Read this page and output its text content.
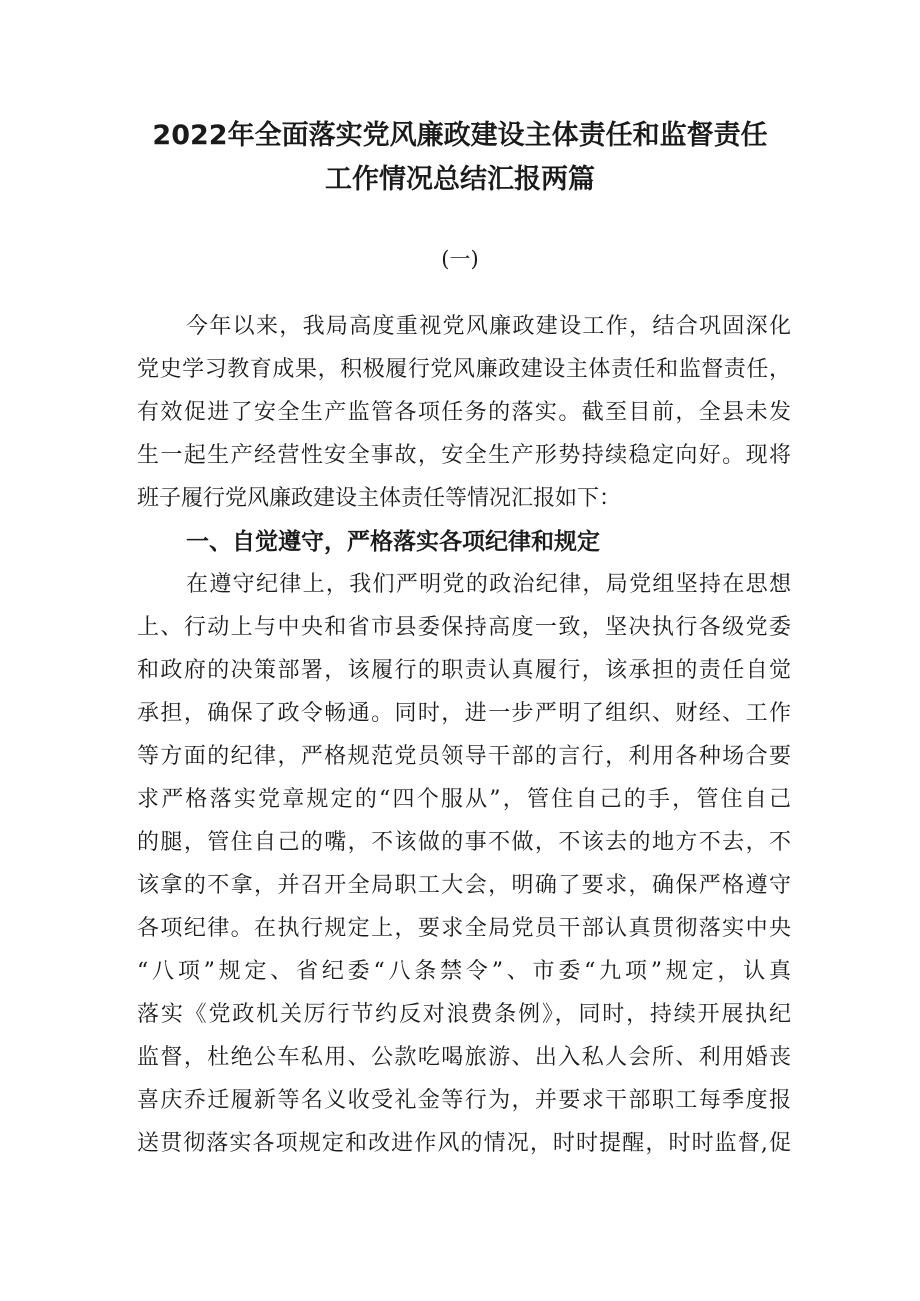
2022年全面落实党风廉政建设主体责任和监督责任
工作情况总结汇报两篇
(一)
今年以来，我局高度重视党风廉政建设工作，结合巩固深化
党史学习教育成果，积极履行党风廉政建设主体责任和监督责任，
有效促进了安全生产监管各项任务的落实。截至目前，全县未发
生一起生产经营性安全事故，安全生产形势持续稳定向好。现将
班子履行党风廉政建设主体责任等情况汇报如下：
一、自觉遵守，严格落实各项纪律和规定
在遵守纪律上，我们严明党的政治纪律，局党组坚持在思想
上、行动上与中央和省市县委保持高度一致，坚决执行各级党委
和政府的决策部署，该履行的职责认真履行，该承担的责任自觉
承担，确保了政令畅通。同时，进一步严明了组织、财经、工作
等方面的纪律，严格规范党员领导干部的言行，利用各种场合要
求严格落实党章规定的“四个服从”，管住自己的手，管住自己
的腿，管住自己的嘴，不该做的事不做，不该去的地方不去，不
该拿的不拿，并召开全局职工大会，明确了要求，确保严格遵守
各项纪律。在执行规定上，要求全局党员干部认真贯彻落实中央
“八项”规定、省纪委“八条禁令”、市委“九项”规定，认真
落实《党政机关厉行节约反对浪费条例》，同时，持续开展执纪
监督，杜绝公车私用、公款吃喝旅游、出入私人会所、利用婚丧
喜庆乔迁履新等名义收受礼金等行为，并要求干部职工每季度报
送贯彻落实各项规定和改进作风的情况，时时提醒，时时监督,促
